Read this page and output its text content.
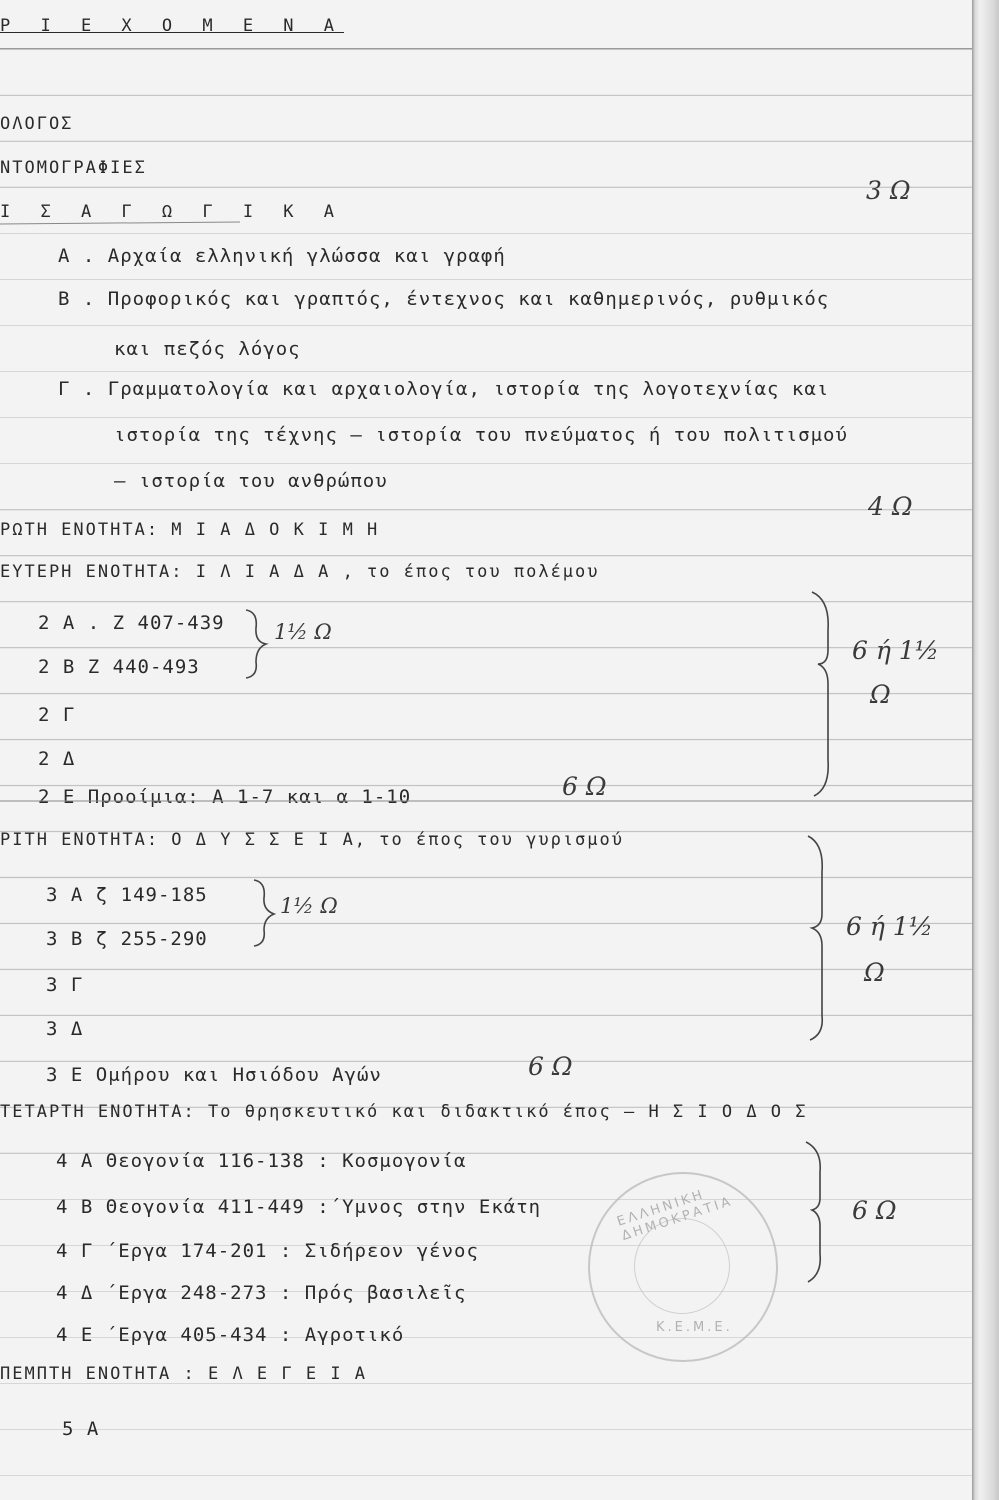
Ρ Ι Ε Χ Ο Μ Ε Ν Α
ΟΛΟΓΟΣ
ΝΤΟΜΟΓΡΑΦΙΕΣ
Ι Σ Α Γ Ω Γ Ι Κ Α
3 Ω
Α . Αρχαία ελληνική γλώσσα και γραφή
Β . Προφορικός και γραπτός, έντεχνος και καθημερινός, ρυθμικός
και πεζός λόγος
Γ . Γραμματολογία και αρχαιολογία, ιστορία της λογοτεχνίας και
ιστορία της τέχνης — ιστορία του πνεύματος ή του πολιτισμού
— ιστορία του ανθρώπου
ΡΩΤΗ ΕΝΟΤΗΤΑ: Μ Ι Α Δ Ο Κ Ι Μ Η
4 Ω
ΕΥΤΕΡΗ ΕΝΟΤΗΤΑ: Ι Λ Ι Α Δ Α , το έπος του πολέμου
2 Α . Ζ 407-439
2 Β Ζ 440-493
2 Γ
2 Δ
2 Ε Προοίμια: Α 1-7 και α 1-10
1½ Ω
6 Ω
6 ή 1½
Ω
ΡΙΤΗ ΕΝΟΤΗΤΑ: Ο Δ Υ Σ Σ Ε Ι Α, το έπος του γυρισμού
3 Α ζ 149-185
3 Β ζ 255-290
3 Γ
3 Δ
3 Ε Ομήρου και Ησιόδου Αγών
1½ Ω
6 Ω
6 ή 1½
Ω
ΤΕΤΑΡΤΗ ΕΝΟΤΗΤΑ: Το θρησκευτικό και διδακτικό έπος — Η Σ Ι Ο Δ Ο Σ
4 Α Θεογονία 116-138 : Κοσμογονία
4 Β Θεογονία 411-449 :΄Υμνος στην Εκάτη
4 Γ ΄Εργα 174-201 : Σιδήρεον γένος
4 Δ ΄Εργα 248-273 : Πρός βασιλεῖς
4 Ε ΄Εργα 405-434 : Αγροτικό
6 Ω
ΠΕΜΠΤΗ ΕΝΟΤΗΤΑ : Ε Λ Ε Γ Ε Ι Α
5 Α
ΕΛΛΗΝΙΚΗ ΔΗΜΟΚΡΑΤΙΑ
Κ.Ε.Μ.Ε.
